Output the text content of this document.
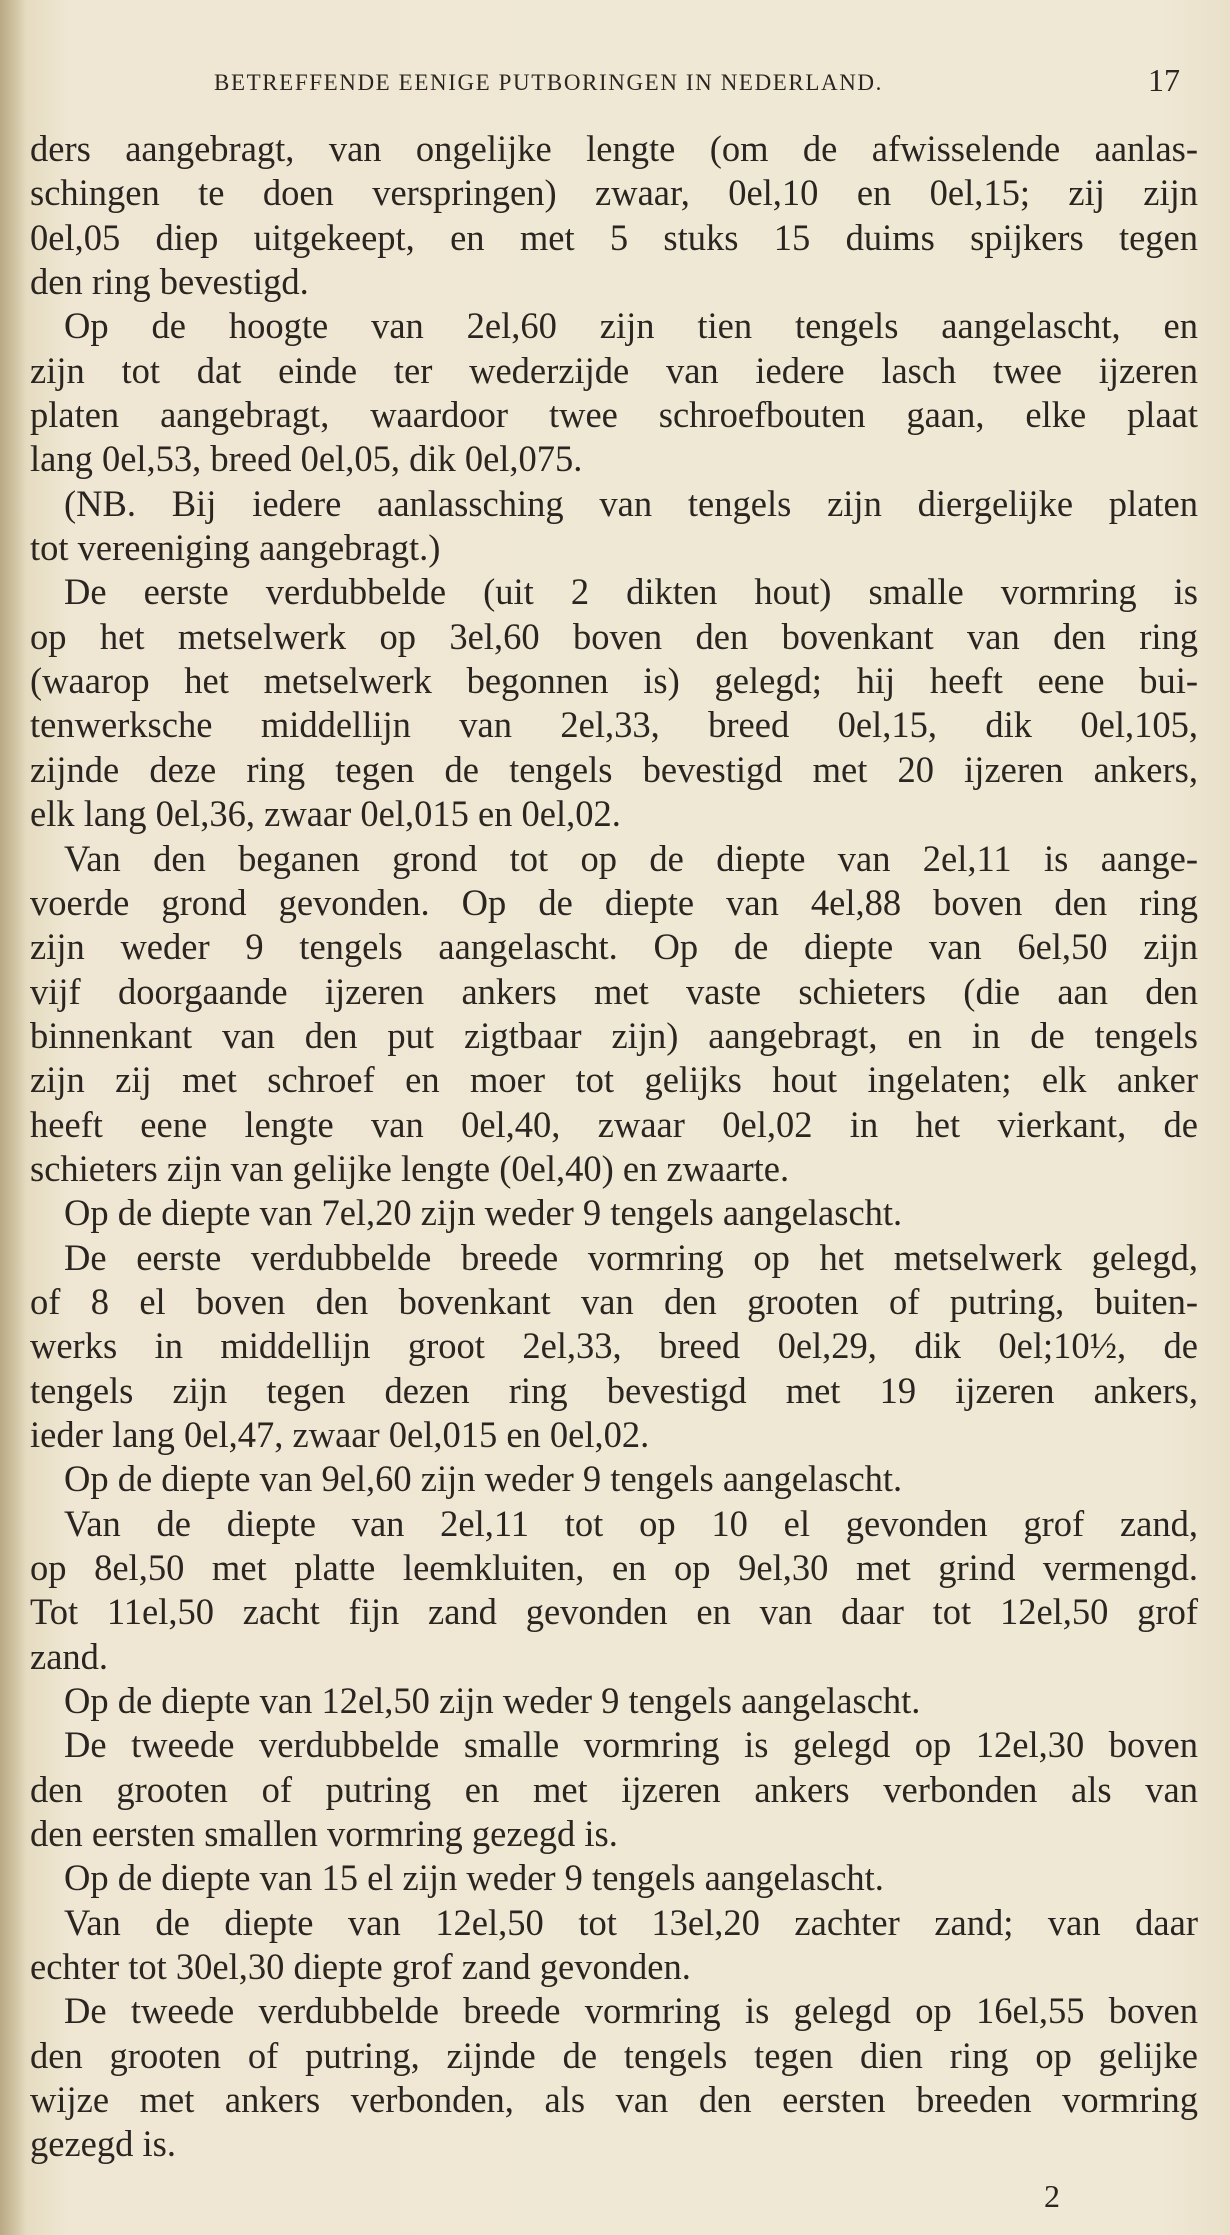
BETREFFENDE EENIGE PUTBORINGEN IN NEDERLAND.	17
ders aangebragt, van ongelijke lengte (om de afwisselende aanlas-
schingen te doen verspringen) zwaar, 0el,10 en 0el,15; zij zijn
0el,05 diep uitgekeept, en met 5 stuks 15 duims spijkers tegen
den ring bevestigd.
Op de hoogte van 2el,60 zijn tien tengels aangelascht, en
zijn tot dat einde ter wederzijde van iedere lasch twee ijzeren
platen aangebragt, waardoor twee schroefbouten gaan, elke plaat
lang 0el,53, breed 0el,05, dik 0el,075.
(NB. Bij iedere aanlassching van tengels zijn diergelijke platen
tot vereeniging aangebragt.)
De eerste verdubbelde (uit 2 dikten hout) smalle vormring is
op het metselwerk op 3el,60 boven den bovenkant van den ring
(waarop het metselwerk begonnen is) gelegd; hij heeft eene bui-
tenwerksche middellijn van 2el,33, breed 0el,15, dik 0el,105,
zijnde deze ring tegen de tengels bevestigd met 20 ijzeren ankers,
elk lang 0el,36, zwaar 0el,015 en 0el,02.
Van den beganen grond tot op de diepte van 2el,11 is aange-
voerde grond gevonden. Op de diepte van 4el,88 boven den ring
zijn weder 9 tengels aangelascht. Op de diepte van 6el,50 zijn
vijf doorgaande ijzeren ankers met vaste schieters (die aan den
binnenkant van den put zigtbaar zijn) aangebragt, en in de tengels
zijn zij met schroef en moer tot gelijks hout ingelaten; elk anker
heeft eene lengte van 0el,40, zwaar 0el,02 in het vierkant, de
schieters zijn van gelijke lengte (0el,40) en zwaarte.
Op de diepte van 7el,20 zijn weder 9 tengels aangelascht.
De eerste verdubbelde breede vormring op het metselwerk gelegd,
of 8 el boven den bovenkant van den grooten of putring, buiten-
werks in middellijn groot 2el,33, breed 0el,29, dik 0el;10½, de
tengels zijn tegen dezen ring bevestigd met 19 ijzeren ankers,
ieder lang 0el,47, zwaar 0el,015 en 0el,02.
Op de diepte van 9el,60 zijn weder 9 tengels aangelascht.
Van de diepte van 2el,11 tot op 10 el gevonden grof zand,
op 8el,50 met platte leemkluiten, en op 9el,30 met grind vermengd.
Tot 11el,50 zacht fijn zand gevonden en van daar tot 12el,50 grof
zand.
Op de diepte van 12el,50 zijn weder 9 tengels aangelascht.
De tweede verdubbelde smalle vormring is gelegd op 12el,30 boven
den grooten of putring en met ijzeren ankers verbonden als van
den eersten smallen vormring gezegd is.
Op de diepte van 15 el zijn weder 9 tengels aangelascht.
Van de diepte van 12el,50 tot 13el,20 zachter zand; van daar
echter tot 30el,30 diepte grof zand gevonden.
De tweede verdubbelde breede vormring is gelegd op 16el,55 boven
den grooten of putring, zijnde de tengels tegen dien ring op gelijke
wijze met ankers verbonden, als van den eersten breeden vormring
gezegd is.
2
